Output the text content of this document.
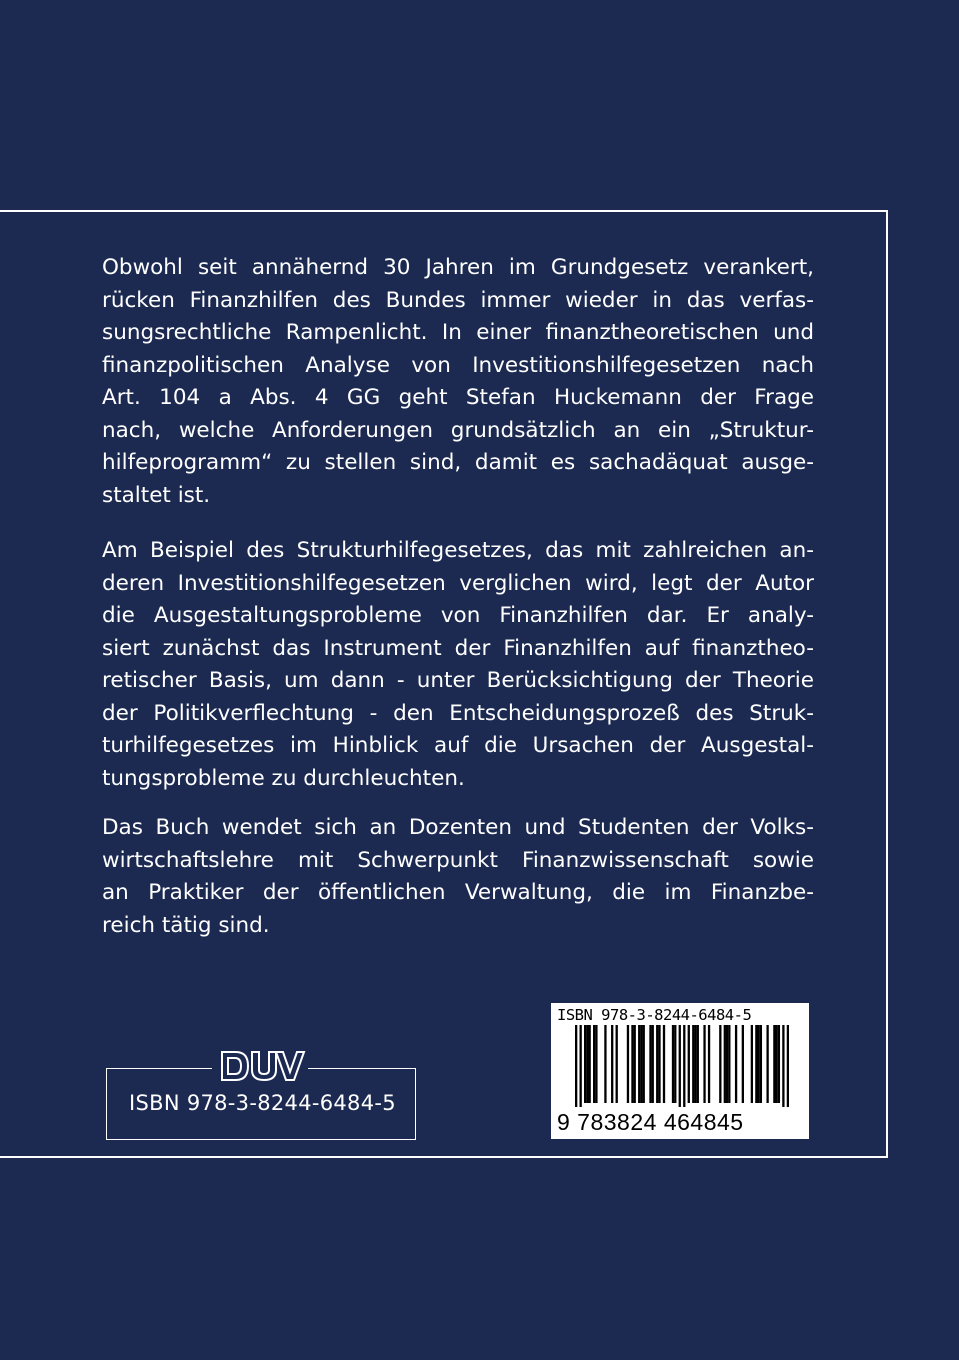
Obwohl seit annähernd 30 Jahren im Grundgesetz verankert,
rücken Finanzhilfen des Bundes immer wieder in das verfas-
sungsrechtliche Rampenlicht. In einer finanztheoretischen und
finanzpolitischen Analyse von Investitionshilfegesetzen nach
Art. 104 a Abs. 4 GG geht Stefan Huckemann der Frage
nach, welche Anforderungen grundsätzlich an ein „Struktur-
hilfeprogramm“ zu stellen sind, damit es sachadäquat ausge-
staltet ist.
Am Beispiel des Strukturhilfegesetzes, das mit zahlreichen an-
deren Investitionshilfegesetzen verglichen wird, legt der Autor
die Ausgestaltungsprobleme von Finanzhilfen dar. Er analy-
siert zunächst das Instrument der Finanzhilfen auf finanztheo-
retischer Basis, um dann - unter Berücksichtigung der Theorie
der Politikverflechtung - den Entscheidungsprozeß des Struk-
turhilfegesetzes im Hinblick auf die Ursachen der Ausgestal-
tungsprobleme zu durchleuchten.
Das Buch wendet sich an Dozenten und Studenten der Volks-
wirtschaftslehre mit Schwerpunkt Finanzwissenschaft sowie
an Praktiker der öffentlichen Verwaltung, die im Finanzbe-
reich tätig sind.
ISBN 978-3-8244-6484-5
DUV
ISBN 978-3-8244-6484-5
9 783824 464845
